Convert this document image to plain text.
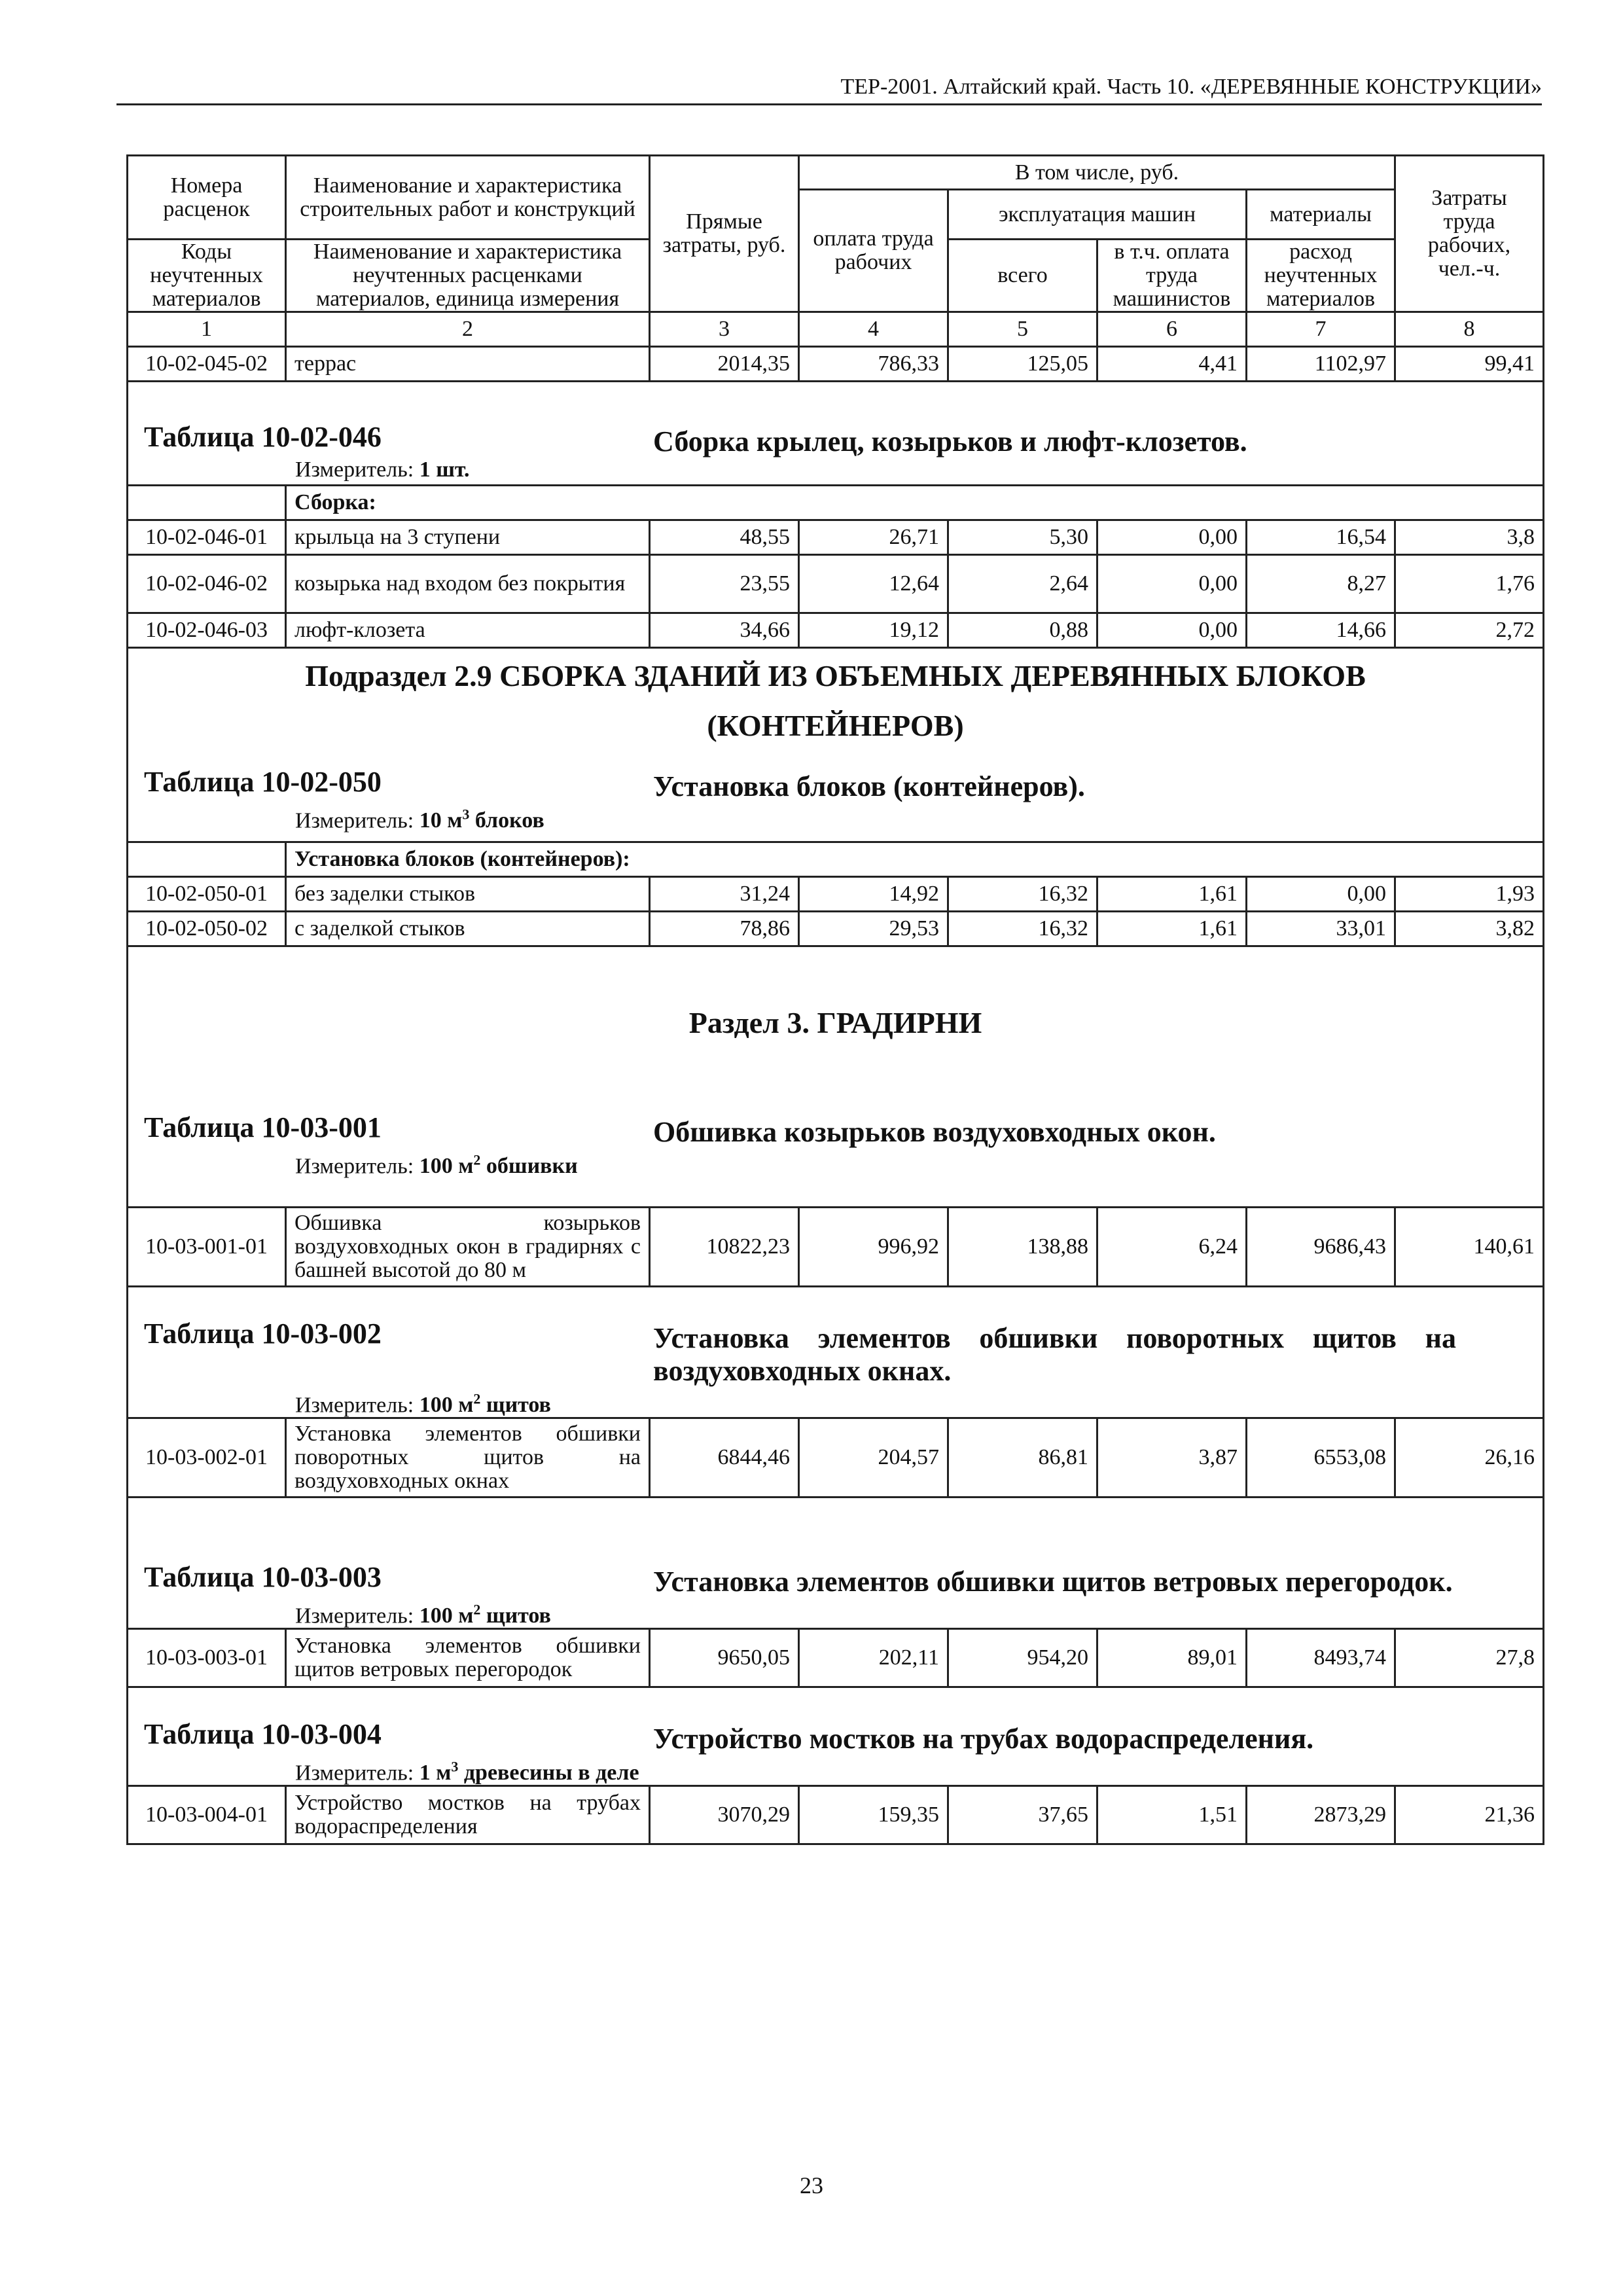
ТЕР-2001. Алтайский край. Часть 10. «ДЕРЕВЯННЫЕ КОНСТРУКЦИИ»
Номера расценок	Наименование и характеристика строительных работ и конструкций	Прямые затраты, руб.	В том числе, руб.				Затраты труда рабочих, чел.-ч.
			оплата труда рабочих	эксплуатация машин		материалы	
Коды неучтенных материалов	Наименование и характеристика неучтенных расценками материалов, единица измерения			всего	в т.ч. оплата труда машинистов	расход неучтенных материалов	
1	2	3	4	5	6	7	8
10-02-045-02	террас	2014,35	786,33	125,05	4,41	1102,97	99,41

Таблица 10-02-046 Сборка крылец, козырьков и люфт-клозетов.
Измеритель: 1 шт.							

	Сборка:						
10-02-046-01	крыльца на 3 ступени	48,55	26,71	5,30	0,00	16,54	3,8
10-02-046-02	козырька над входом без покрытия	23,55	12,64	2,64	0,00	8,27	1,76
10-02-046-03	люфт-клозета	34,66	19,12	0,88	0,00	14,66	2,72

Подраздел 2.9 СБОРКА ЗДАНИЙ ИЗ ОБЪЕМНЫХ ДЕРЕВЯННЫХ БЛОКОВ
(КОНТЕЙНЕРОВ)
Таблица 10-02-050 Установка блоков (контейнеров).
Измеритель: 10 $м^3$ блоков							

	Установка блоков (контейнеров):						
10-02-050-01	без заделки стыков	31,24	14,92	16,32	1,61	0,00	1,93
10-02-050-02	с заделкой стыков	78,86	29,53	16,32	1,61	33,01	3,82

Раздел 3. ГРАДИРНИ
Таблица 10-03-001 Обшивка козырьков воздуховходных окон.
Измеритель: 100 $м^2$ обшивки							

10-03-001-01	Обшивка козырьков воздуховходных окон в градирнях с башней высотой до 80 м	10822,23	996,92	138,88	6,24	9686,43	140,61

Таблица 10-03-002 Установка элементов обшивки поворотных щитов на воздуховходных окнах.
Измеритель: 100 $м^2$ щитов							

10-03-002-01	Установка элементов обшивки поворотных щитов на воздуховходных окнах	6844,46	204,57	86,81	3,87	6553,08	26,16

Таблица 10-03-003 Установка элементов обшивки щитов ветровых перегородок.
Измеритель: 100 $м^2$ щитов							

10-03-003-01	Установка элементов обшивки щитов ветровых перегородок	9650,05	202,11	954,20	89,01	8493,74	27,8

Таблица 10-03-004 Устройство мостков на трубах водораспределения.
Измеритель: 1 $м^3$ древесины в деле							

10-03-004-01	Устройство мостков на трубах водораспределения	3070,29	159,35	37,65	1,51	2873,29	21,36
23
